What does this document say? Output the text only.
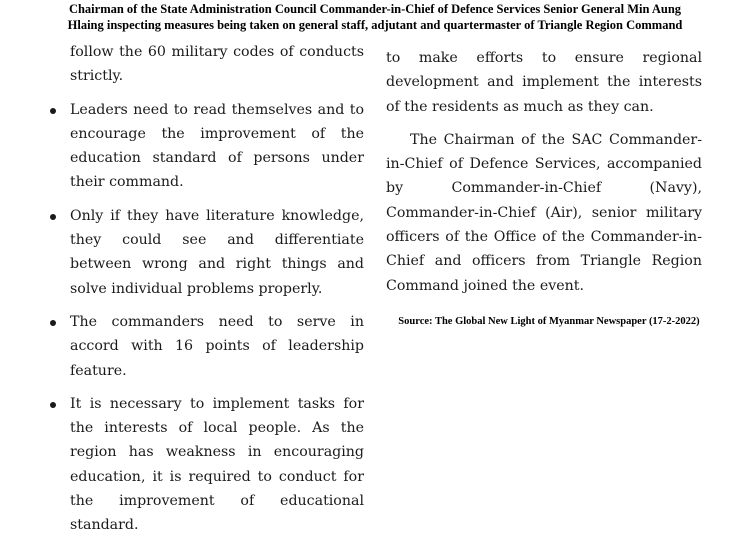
Chairman of the State Administration Council Commander-in-Chief of Defence Services Senior General Min Aung
Hlaing inspecting measures being taken on general staff, adjutant and quartermaster of Triangle Region Command

follow the 60 military codes of conducts strictly.

Leaders need to read themselves and to encourage the improvement of the education standard of persons under their command.
Only if they have literature knowledge, they could see and differentiate between wrong and right things and solve individual problems properly.
The commanders need to serve in accord with 16 points of leadership feature.
It is necessary to implement tasks for the interests of local people. As the region has weakness in encouraging education, it is required to conduct for the improvement of educational standard.

to make efforts to ensure regional development and implement the interests of the residents as much as they can.

The Chairman of the SAC Commander-in-Chief of Defence Services, accompanied by Commander-in-Chief (Navy), Commander-in-Chief (Air), senior military officers of the Office of the Commander-in-Chief and officers from Triangle Region Command joined the event.

Source: The Global New Light of Myanmar Newspaper (17-2-2022)
